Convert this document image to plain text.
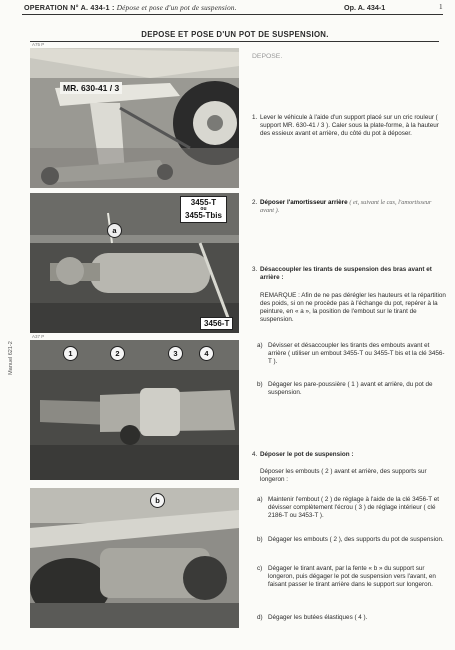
OPERATION N° A. 434-1 : Dépose et pose d'un pot de suspension.	Op. A. 434-1	1
DEPOSE ET POSE D'UN POT DE SUSPENSION.
Manuel 621-2
A75 P
MR. 630-41 / 3
a
3455-T
ou
3455-Tbis
3456-T
A37 P
1	2	3	4
b
DEPOSE.
1. Lever le véhicule à l'aide d'un support placé sur un cric rouleur ( support MR. 630-41 / 3 ). Caler sous la plate-forme, à la hauteur des essieux avant et arrière, du côté du pot à déposer.
2. Déposer l'amortisseur arrière ( et, suivant le cas, l'amortisseur avant ).
3. Désaccoupler les tirants de suspension des bras avant et arrière :
REMARQUE : Afin de ne pas dérégler les hauteurs et la répartition des poids, si on ne procède pas à l'échange du pot, repérer à la peinture, en « a », la position de l'embout sur le tirant de suspension.
a) Dévisser et désaccoupler les tirants des embouts avant et arrière ( utiliser un embout 3455-T ou 3455-T bis et la clé 3456-T ).
b) Dégager les pare-poussière ( 1 ) avant et arrière, du pot de suspension.
4. Déposer le pot de suspension :
Déposer les embouts ( 2 ) avant et arrière, des supports sur longeron :
a) Maintenir l'embout ( 2 ) de réglage à l'aide de la clé 3456-T et dévisser complètement l'écrou ( 3 ) de réglage intérieur ( clé 2186-T ou 3453-T ).
b) Dégager les embouts ( 2 ), des supports du pot de suspension.
c) Dégager le tirant avant, par la fente « b » du support sur longeron, puis dégager le pot de suspension vers l'avant, en faisant passer le tirant arrière dans le support sur longeron.
d) Dégager les butées élastiques ( 4 ).
